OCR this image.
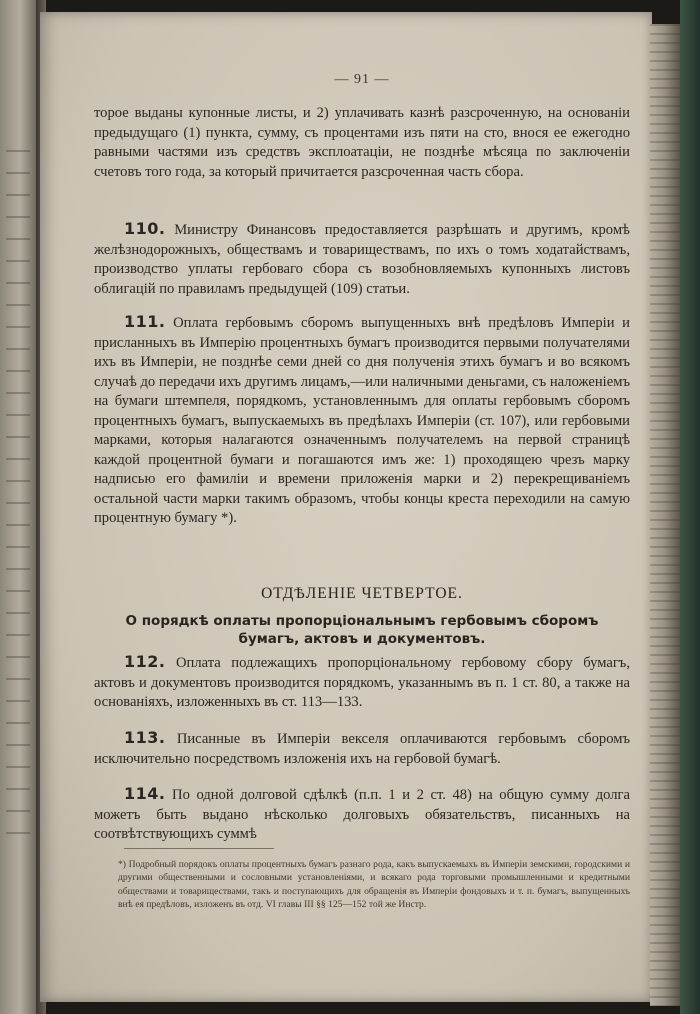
— 91 —

торое выданы купонные листы, и 2) уплачивать казнѣ разсроченную, на основаніи предыдущаго (1) пункта, сумму, съ процентами изъ пяти на сто, внося ее ежегодно равными частями изъ средствъ эксплоатаціи, не позднѣе мѣсяца по заключеніи счетовъ того года, за который причитается разсроченная часть сбора.

110. Министру Финансовъ предоставляется разрѣшать и другимъ, кромѣ желѣзнодорожныхъ, обществамъ и товариществамъ, по ихъ о томъ ходатайствамъ, производство уплаты гербоваго сбора съ возобновляемыхъ купонныхъ листовъ облигацій по правиламъ предыдущей (109) статьи.

111. Оплата гербовымъ сборомъ выпущенныхъ внѣ предѣловъ Имперіи и присланныхъ въ Имперію процентныхъ бумагъ производится первыми получателями ихъ въ Имперіи, не позднѣе семи дней со дня полученія этихъ бумагъ и во всякомъ случаѣ до передачи ихъ другимъ лицамъ,—или наличными деньгами, съ наложеніемъ на бумаги штемпеля, порядкомъ, установленнымъ для оплаты гербовымъ сборомъ процентныхъ бумагъ, выпускаемыхъ въ предѣлахъ Имперіи (ст. 107), или гербовыми марками, которыя налагаются означеннымъ получателемъ на первой страницѣ каждой процентной бумаги и погашаются имъ же: 1) проходящею чрезъ марку надписью его фамиліи и времени приложенія марки и 2) перекрещиваніемъ остальной части марки такимъ образомъ, чтобы концы креста переходили на самую процентную бумагу *).

ОТДѢЛЕНІЕ ЧЕТВЕРТОЕ.
О порядкѣ оплаты пропорціональнымъ гербовымъ сборомъ бумагъ, актовъ и документовъ.

112. Оплата подлежащихъ пропорціональному гербовому сбору бумагъ, актовъ и документовъ производится порядкомъ, указаннымъ въ п. 1 ст. 80, а также на основаніяхъ, изложенныхъ въ ст. 113—133.

113. Писанные въ Имперіи векселя оплачиваются гербовымъ сборомъ исключительно посредствомъ изложенія ихъ на гербовой бумагѣ.

114. По одной долговой сдѣлкѣ (п.п. 1 и 2 ст. 48) на общую сумму долга можетъ быть выдано нѣсколько долговыхъ обязательствъ, писанныхъ на соотвѣтствующихъ суммѣ

*) Подробный порядокъ оплаты процентныхъ бумагъ разнаго рода, какъ выпускаемыхъ въ Имперіи земскими, городскими и другими общественными и сословными установленіями, и всякаго рода торговыми промышленными и кредитными обществами и товариществами, такъ и поступающихъ для обращенія въ Имперіи фондовыхъ и т. п. бумагъ, выпущенныхъ внѣ ея предѣловъ, изложенъ въ отд. VI главы III §§ 125—152 той же Инстр.
